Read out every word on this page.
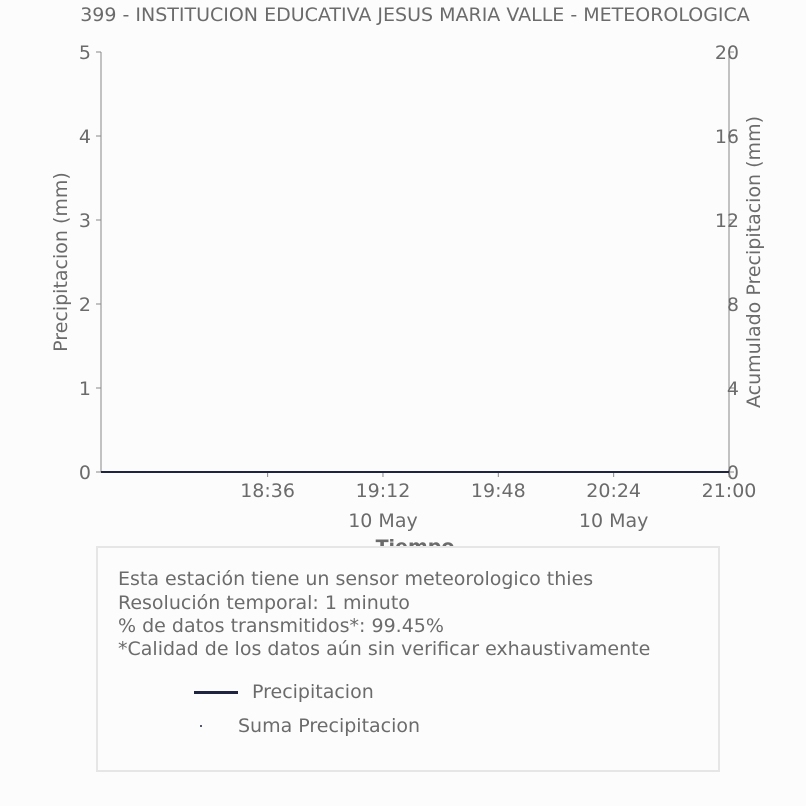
399 - INSTITUCION EDUCATIVA JESUS MARIA VALLE - METEOROLOGICA
0
1
2
3
4
5
0
4
8
12
16
20
18:36	19:12
10 May
19:48	20:24
10 May
21:00
Precipitacion (mm)	Acumulado Precipitacion (mm)
Esta estación tiene un sensor meteorologico thies
Resolución temporal: 1 minuto
% de datos transmitidos*: 99.45%
*Calidad de los datos aún sin verificar exhaustivamente
Precipitacion
Suma Precipitacion
